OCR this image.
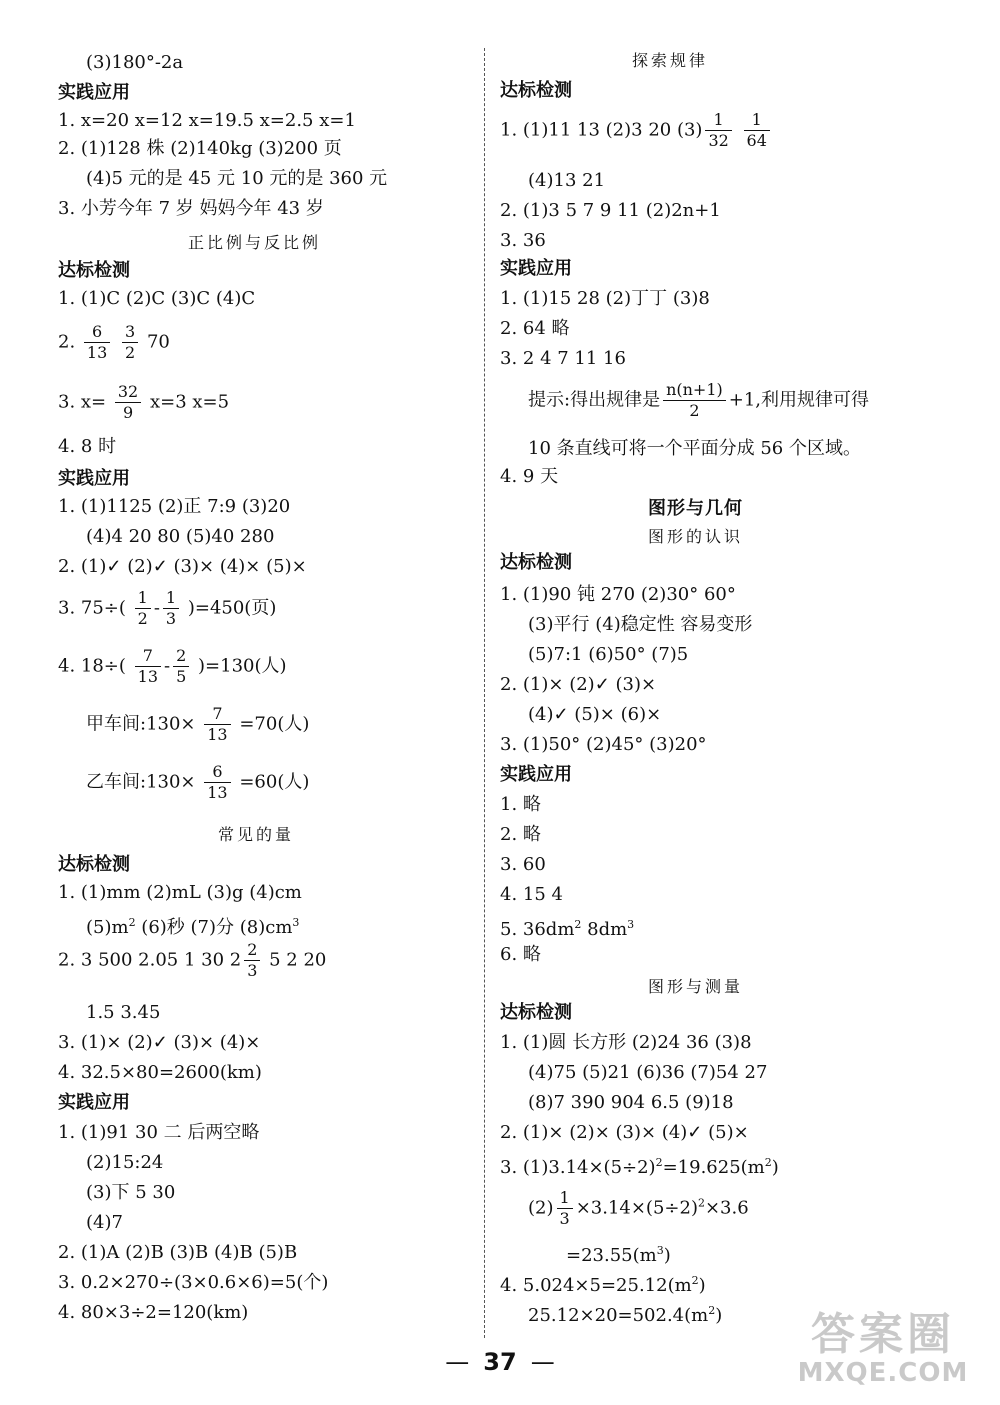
(3)180°-2a
实践应用
1. x=20 x=12 x=19.5 x=2.5 x=1
2. (1)128 株 (2)140kg (3)200 页
(4)5 元的是 45 元 10 元的是 360 元
3. 小芳今年 7 岁 妈妈今年 43 岁
正比例与反比例
达标检测
1. (1)C (2)C (3)C (4)C
2. $\frac{6}{13}$
$\frac{3}{2} 70$
3. $x= \frac{32}{9} x=3$ x=5
4. 8 时
实践应用
1. (1)1125 (2)正 7:9 (3)20
(4)4 20 80 (5)40 280
2. (1)✓ (2)✓ (3)× (4)× (5)×
3. $75\div( \frac{1}{2} - \frac{1}{3} )=450$(页)
4. $18\div( \frac{7}{13} - \frac{2}{5} )=130$(人)
甲车间:130× $\frac{7}{13} =70$(人)
乙车间:130× $\frac{6}{13} =60$(人)
常见的量
达标检测
1. (1)mm (2)mL (3)g (4)cm
$(5)m^2$ (6)秒 (7)分 $(8)cm^3$
2. 3 500 2.05 1 30 $2 \frac{2}{3} 5$ 2 20
1.5 3.45
3. (1)× (2)✓ (3)× (4)×
4. 32.5×80=2600(km)
实践应用
1. (1)91 30 二 后两空略
(2)15:24
(3)下 5 30
(4)7
2. (1)A (2)B (3)B (4)B (5)B
3. 0.2×270÷(3×0.6×6)=5(个)
4. 80×3÷2=120(km)
探索规律
达标检测
1. (1)11 13 (2)3 20 $(3) \frac{1}{32}$
$\frac{1}{64}$
(4)13 21
2. (1)3 5 7 9 11 (2)2n+1
3. 36
实践应用
1. (1)15 28 (2)丁丁 (3)8
2. 64 略
3. 2 4 7 11 16
提示:得出规律是 $\frac{n(n+1)}{2} +1$,利用规律可得
10 条直线可将一个平面分成 56 个区域。
4. 9 天
图形与几何
图形的认识
达标检测
1. (1)90 钝 270 (2)30° 60°
(3)平行 (4)稳定性 容易变形
(5)7:1 (6)50° (7)5
2. (1)× (2)✓ (3)×
(4)✓ (5)× (6)×
3. (1)50° (2)45° (3)20°
实践应用
1. 略
2. 略
3. 60
4. 15 4
5. $36dm^2$ $8dm^3$
6. 略
图形与测量
达标检测
1. (1)圆 长方形 (2)24 36 (3)8
(4)75 (5)21 (6)36 (7)54 27
(8)7 390 904 6.5 (9)18
2. (1)× (2)× (3)× (4)✓ (5)×
3. $(1)3.14\times(5\div 2)^2=19.625(m^2)$
$(2) \frac{1}{3} \times 3.14\times(5\div 2)^2\times 3.6$
$=23.55(m^3)$
4. $5.024\times 5=25.12(m^2)$
$25.12\times 20=502.4(m^2)$
— 37 —
答案圈
MXQE.COM
